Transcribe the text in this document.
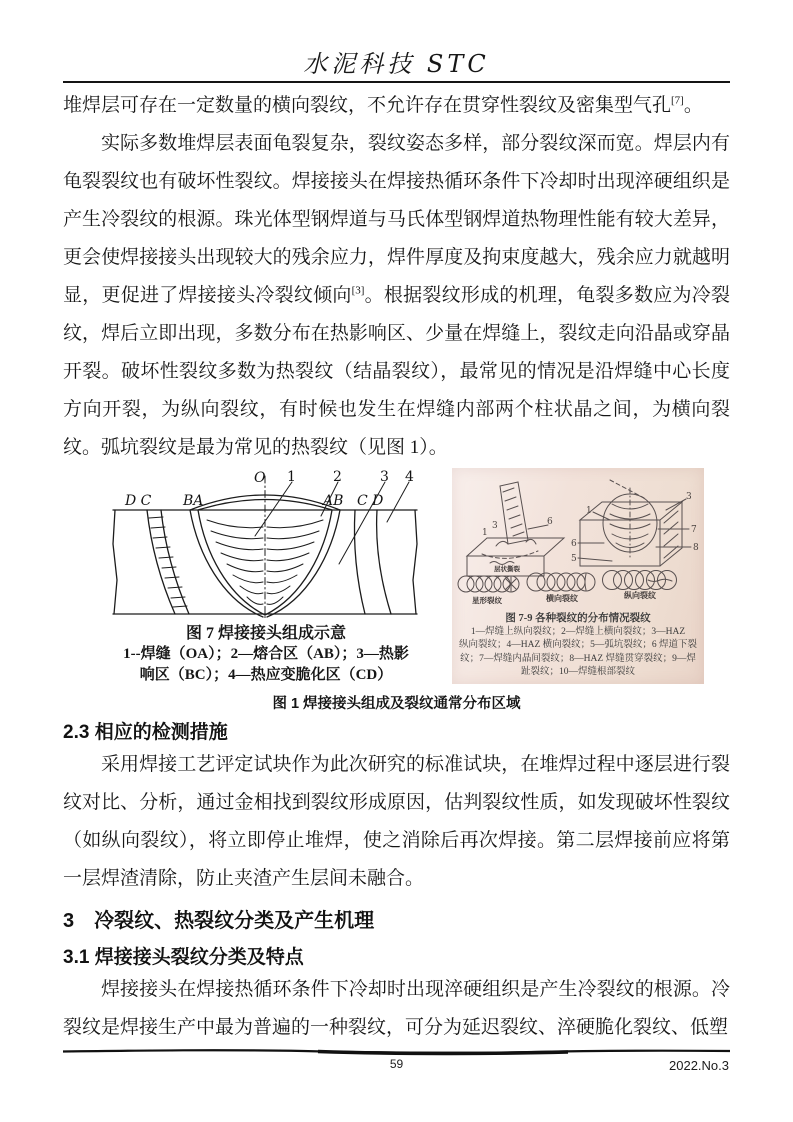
水泥科技 STC

堆焊层可存在一定数量的横向裂纹，不允许存在贯穿性裂纹及密集型气孔[7]。

实际多数堆焊层表面龟裂复杂，裂纹姿态多样，部分裂纹深而宽。焊层内有龟裂裂纹也有破坏性裂纹。焊接接头在焊接热循环条件下冷却时出现淬硬组织是产生冷裂纹的根源。珠光体型钢焊道与马氏体型钢焊道热物理性能有较大差异，更会使焊接接头出现较大的残余应力，焊件厚度及拘束度越大，残余应力就越明显，更促进了焊接接头冷裂纹倾向[3]。根据裂纹形成的机理，龟裂多数应为冷裂纹，焊后立即出现，多数分布在热影响区、少量在焊缝上，裂纹走向沿晶或穿晶开裂。破坏性裂纹多数为热裂纹（结晶裂纹），最常见的情况是沿焊缝中心长度方向开裂，为纵向裂纹，有时候也发生在焊缝内部两个柱状晶之间，为横向裂纹。弧坑裂纹是最为常见的热裂纹（见图 1）。

O
D C BA	AB C D
1	2	3 4
图 7 焊接接头组成示意
1--焊缝（OA）；2—熔合区（AB）；3—热影
响区（BC）；4—热应变脆化区（CD）
6
3
1
3
1
7
8
6
5
层状撕裂
星形裂纹	横向裂纹	纵向裂纹
图 7-9 各种裂纹的分布情况裂纹
1—焊缝上纵向裂纹；2—焊缝上横向裂纹；3—HAZ
纵向裂纹；4—HAZ 横向裂纹；5—弧坑裂纹；6 焊道下裂
纹；7—焊缝内晶间裂纹；8—HAZ 焊缝贯穿裂纹；9—焊
趾裂纹；10—焊缝根部裂纹
图 1 焊接接头组成及裂纹通常分布区域
2.3 相应的检测措施

采用焊接工艺评定试块作为此次研究的标准试块，在堆焊过程中逐层进行裂纹对比、分析，通过金相找到裂纹形成原因，估判裂纹性质，如发现破坏性裂纹（如纵向裂纹），将立即停止堆焊，使之消除后再次焊接。第二层焊接前应将第一层焊渣清除，防止夹渣产生层间未融合。

3　冷裂纹、热裂纹分类及产生机理
3.1 焊接接头裂纹分类及特点

焊接接头在焊接热循环条件下冷却时出现淬硬组织是产生冷裂纹的根源。冷裂纹是焊接生产中最为普遍的一种裂纹，可分为延迟裂纹、淬硬脆化裂纹、低塑

59	2022.No.3
